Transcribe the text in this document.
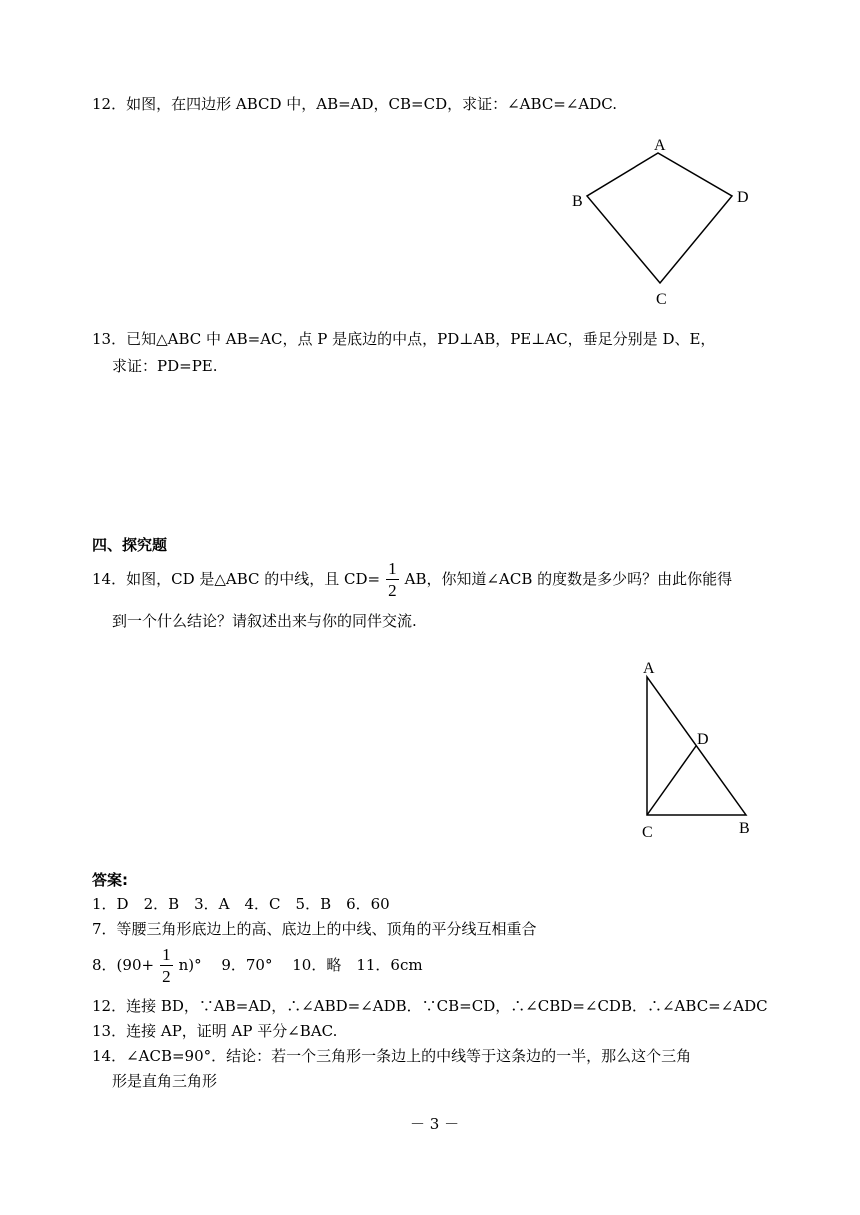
12．如图，在四边形 ABCD 中，AB=AD，CB=CD，求证：∠ABC=∠ADC.
A
B	D
C
13．已知△ABC 中 AB=AC，点 P 是底边的中点，PD⊥AB，PE⊥AC，垂足分别是 D、E，
求证：PD=PE.
四、探究题
14．如图，CD 是△ABC 的中线，且 $CD= \frac{1}{2}$ AB，你知道∠ACB 的度数是多少吗？由此你能得
到一个什么结论？请叙述出来与你的同伴交流.
A
D
C	B
答案:
1．D　2．B　3．A　4．C　5．B　6．60
7．等腰三角形底边上的高、底边上的中线、顶角的平分线互相重合
8．$(90+ \frac{1}{2} n)^\circ$　 9．70°　 10．略　11．6cm
12．连接 BD，∵AB=AD，∴∠ABD=∠ADB．∵CB=CD，∴∠CBD=∠CDB．∴∠ABC=∠ADC
13．连接 AP，证明 AP 平分∠BAC.
14．∠ACB=90°．结论：若一个三角形一条边上的中线等于这条边的一半，那么这个三角
形是直角三角形
－ 3 －
